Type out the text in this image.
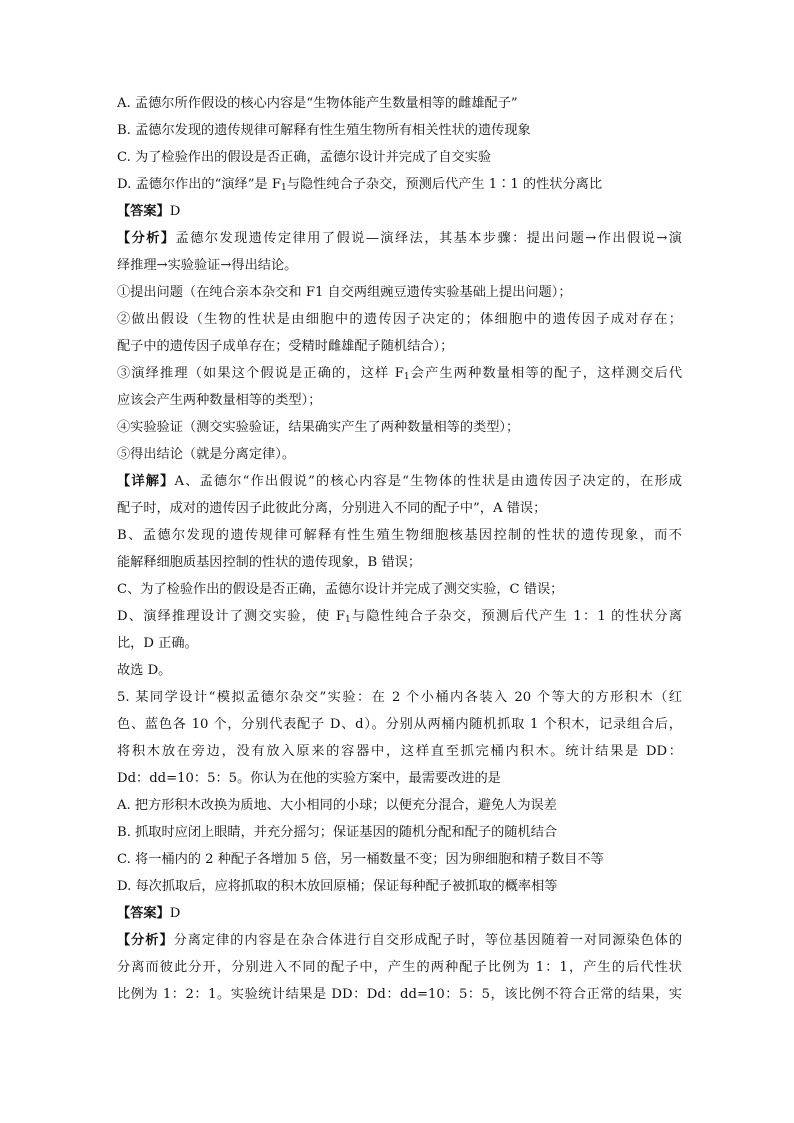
A. 孟德尔所作假设的核心内容是“生物体能产生数量相等的雌雄配子”
B. 孟德尔发现的遗传规律可解释有性生殖生物所有相关性状的遗传现象
C. 为了检验作出的假设是否正确，孟德尔设计并完成了自交实验
D. 孟德尔作出的“演绎”是 $F_1$与隐性纯合子杂交，预测后代产生 1∶1 的性状分离比
【答案】D
【分析】孟德尔发现遗传定律用了假说—演绎法，其基本步骤：提出问题→作出假说→演
绎推理→实验验证→得出结论。
①提出问题（在纯合亲本杂交和 F1 自交两组豌豆遗传实验基础上提出问题）；
②做出假设（生物的性状是由细胞中的遗传因子决定的；体细胞中的遗传因子成对存在；
配子中的遗传因子成单存在；受精时雌雄配子随机结合）；
③演绎推理（如果这个假说是正确的，这样 $F_1$会产生两种数量相等的配子，这样测交后代
应该会产生两种数量相等的类型）；
④实验验证（测交实验验证，结果确实产生了两种数量相等的类型）；
⑤得出结论（就是分离定律）。
【详解】A、孟德尔“作出假说”的核心内容是“生物体的性状是由遗传因子决定的，在形成
配子时，成对的遗传因子此彼此分离，分别进入不同的配子中”，A 错误；
B、孟德尔发现的遗传规律可解释有性生殖生物细胞核基因控制的性状的遗传现象，而不
能解释细胞质基因控制的性状的遗传现象，B 错误；
C、为了检验作出的假设是否正确，孟德尔设计并完成了测交实验，C 错误；
D、演绎推理设计了测交实验，使 $F_1$与隐性纯合子杂交，预测后代产生 1：1 的性状分离
比，D 正确。
故选 D。
5. 某同学设计“模拟孟德尔杂交”实验：在 2 个小桶内各装入 20 个等大的方形积木（红
色、蓝色各 10 个，分别代表配子 D、d）。分别从两桶内随机抓取 1 个积木，记录组合后，
将积木放在旁边，没有放入原来的容器中，这样直至抓完桶内积木。统计结果是 DD：
Dd：dd=10：5：5。你认为在他的实验方案中，最需要改进的是
A. 把方形积木改换为质地、大小相同的小球；以便充分混合，避免人为误差
B. 抓取时应闭上眼睛，并充分摇匀；保证基因的随机分配和配子的随机结合
C. 将一桶内的 2 种配子各增加 5 倍，另一桶数量不变；因为卵细胞和精子数目不等
D. 每次抓取后，应将抓取的积木放回原桶；保证每种配子被抓取的概率相等
【答案】D
【分析】分离定律的内容是在杂合体进行自交形成配子时，等位基因随着一对同源染色体的
分离而彼此分开，分别进入不同的配子中，产生的两种配子比例为 1：1，产生的后代性状
比例为 1：2：1。实验统计结果是 DD：Dd：dd=10：5：5，该比例不符合正常的结果，实
